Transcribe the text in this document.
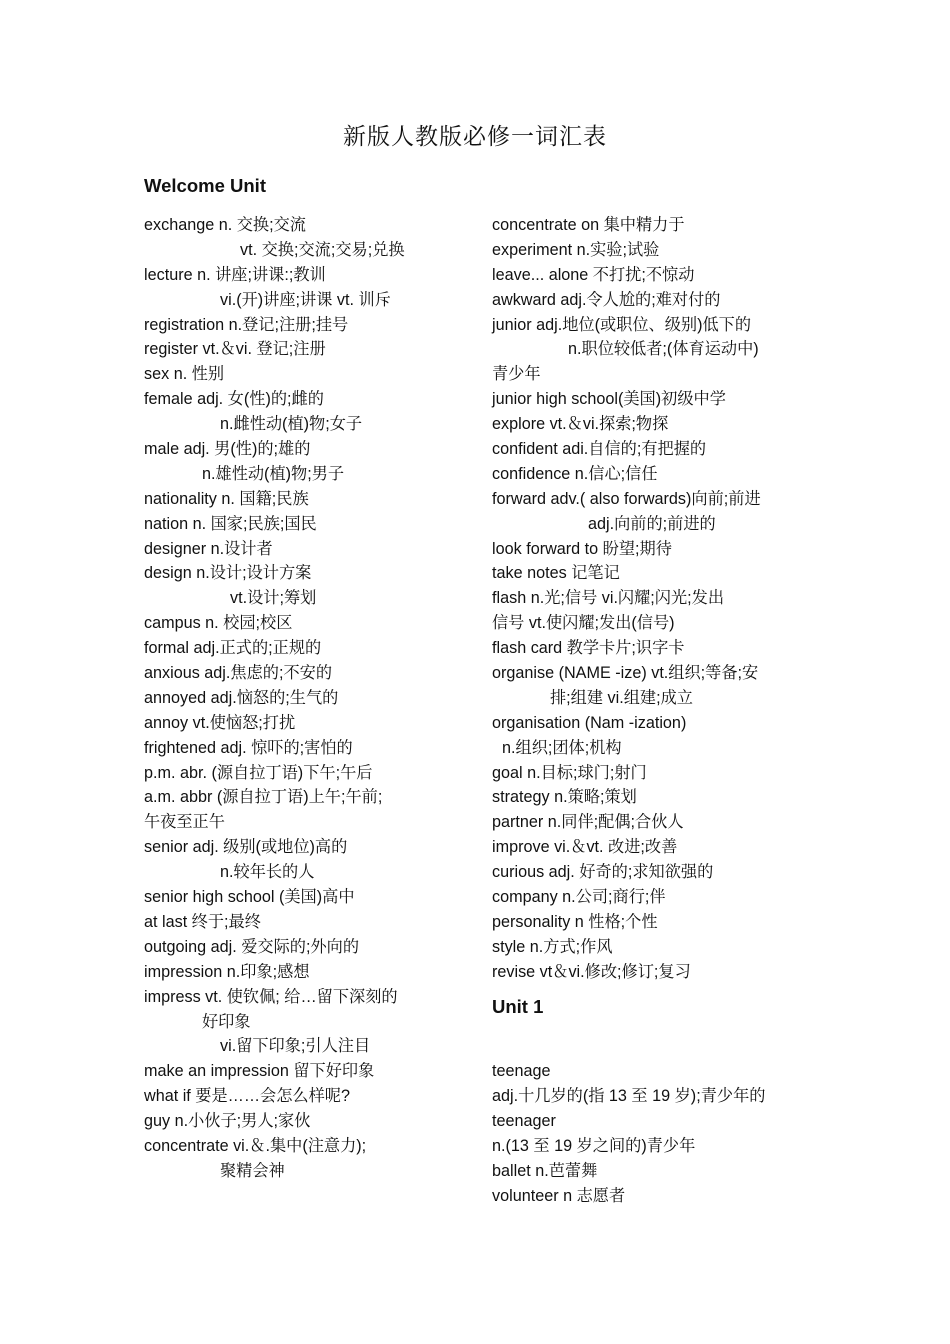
新版人教版必修一词汇表
Welcome Unit
exchange n. 交换;交流
vt. 交换;交流;交易;兑换
lecture n. 讲座;讲课:;教训
vi.(开)讲座;讲课 vt. 训斥
registration n.登记;注册;挂号
register vt.＆vi. 登记;注册
sex n. 性别
female adj. 女(性)的;雌的
n.雌性动(植)物;女子
male adj. 男(性)的;雄的
n.雄性动(植)物;男子
nationality n. 国籍;民族
nation n. 国家;民族;国民
designer n.设计者
design n.设计;设计方案
vt.设计;筹划
campus n. 校园;校区
formal adj.正式的;正规的
anxious adj.焦虑的;不安的
annoyed adj.恼怒的;生气的
annoy vt.使恼怒;打扰
frightened adj. 惊吓的;害怕的
p.m. abr. (源自拉丁语)下午;午后
a.m. abbr (源自拉丁语)上午;午前;
午夜至正午
senior adj. 级别(或地位)高的
n.较年长的人
senior high school (美国)高中
at last 终于;最终
outgoing adj. 爱交际的;外向的
impression n.印象;感想
impress vt. 使钦佩; 给…留下深刻的
好印象
vi.留下印象;引人注目
make an impression 留下好印象
what if 要是……会怎么样呢?
guy n.小伙子;男人;家伙
concentrate vi.＆.集中(注意力);
聚精会神
concentrate on 集中精力于
experiment n.实验;试验
leave... alone 不打扰;不惊动
awkward adj.令人尬的;难对付的
junior adj.地位(或职位、级别)低下的
n.职位较低者;(体育运动中)
青少年
junior high school(美国)初级中学
explore vt.＆vi.探索;物探
confident adi.自信的;有把握的
confidence n.信心;信任
forward adv.( also forwards)向前;前进
adj.向前的;前进的
look forward to 盼望;期待
take notes 记笔记
flash n.光;信号 vi.闪耀;闪光;发出
信号 vt.使闪耀;发出(信号)
flash card 教学卡片;识字卡
organise (NAME -ize) vt.组织;等备;安
排;组建 vi.组建;成立
organisation (Nam -ization)
n.组织;团体;机构
goal n.目标;球门;射门
strategy n.策略;策划
partner n.同伴;配偶;合伙人
improve vi.＆vt. 改进;改善
curious adj. 好奇的;求知欲强的
company n.公司;商行;伴
personality n 性格;个性
style n.方式;作风
revise vt＆vi.修改;修订;复习
Unit 1
teenage
adj.十几岁的(指 13 至 19 岁);青少年的
teenager
n.(13 至 19 岁之间的)青少年
ballet n.芭蕾舞
volunteer n 志愿者
